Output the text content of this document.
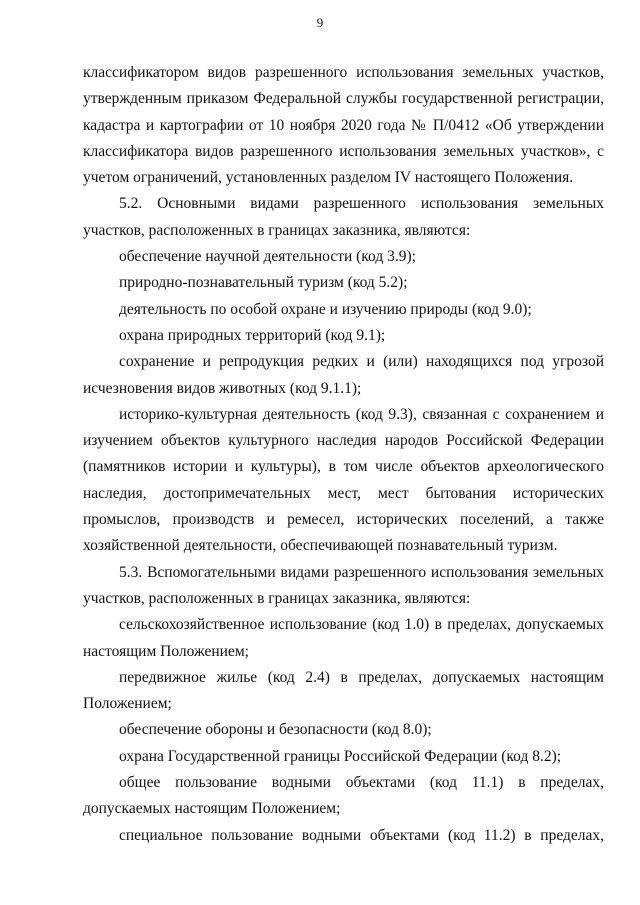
9

классификатором видов разрешенного использования земельных участков, утвержденным приказом Федеральной службы государственной регистрации, кадастра и картографии от 10 ноября 2020 года № П/0412 «Об утверждении классификатора видов разрешенного использования земельных участков», с учетом ограничений, установленных разделом IV настоящего Положения.

5.2. Основными видами разрешенного использования земельных участков, расположенных в границах заказника, являются:

обеспечение научной деятельности (код 3.9);

природно-познавательный туризм (код 5.2);

деятельность по особой охране и изучению природы (код 9.0);

охрана природных территорий (код 9.1);

сохранение и репродукция редких и (или) находящихся под угрозой исчезновения видов животных (код 9.1.1);

историко-культурная деятельность (код 9.3), связанная с сохранением и изучением объектов культурного наследия народов Российской Федерации (памятников истории и культуры), в том числе объектов археологического наследия, достопримечательных мест, мест бытования исторических промыслов, производств и ремесел, исторических поселений, а также хозяйственной деятельности, обеспечивающей познавательный туризм.

5.3. Вспомогательными видами разрешенного использования земельных участков, расположенных в границах заказника, являются:

сельскохозяйственное использование (код 1.0) в пределах, допускаемых настоящим Положением;

передвижное жилье (код 2.4) в пределах, допускаемых настоящим Положением;

обеспечение обороны и безопасности (код 8.0);

охрана Государственной границы Российской Федерации (код 8.2);

общее пользование водными объектами (код 11.1) в пределах, допускаемых настоящим Положением;

специальное пользование водными объектами (код 11.2) в пределах,
